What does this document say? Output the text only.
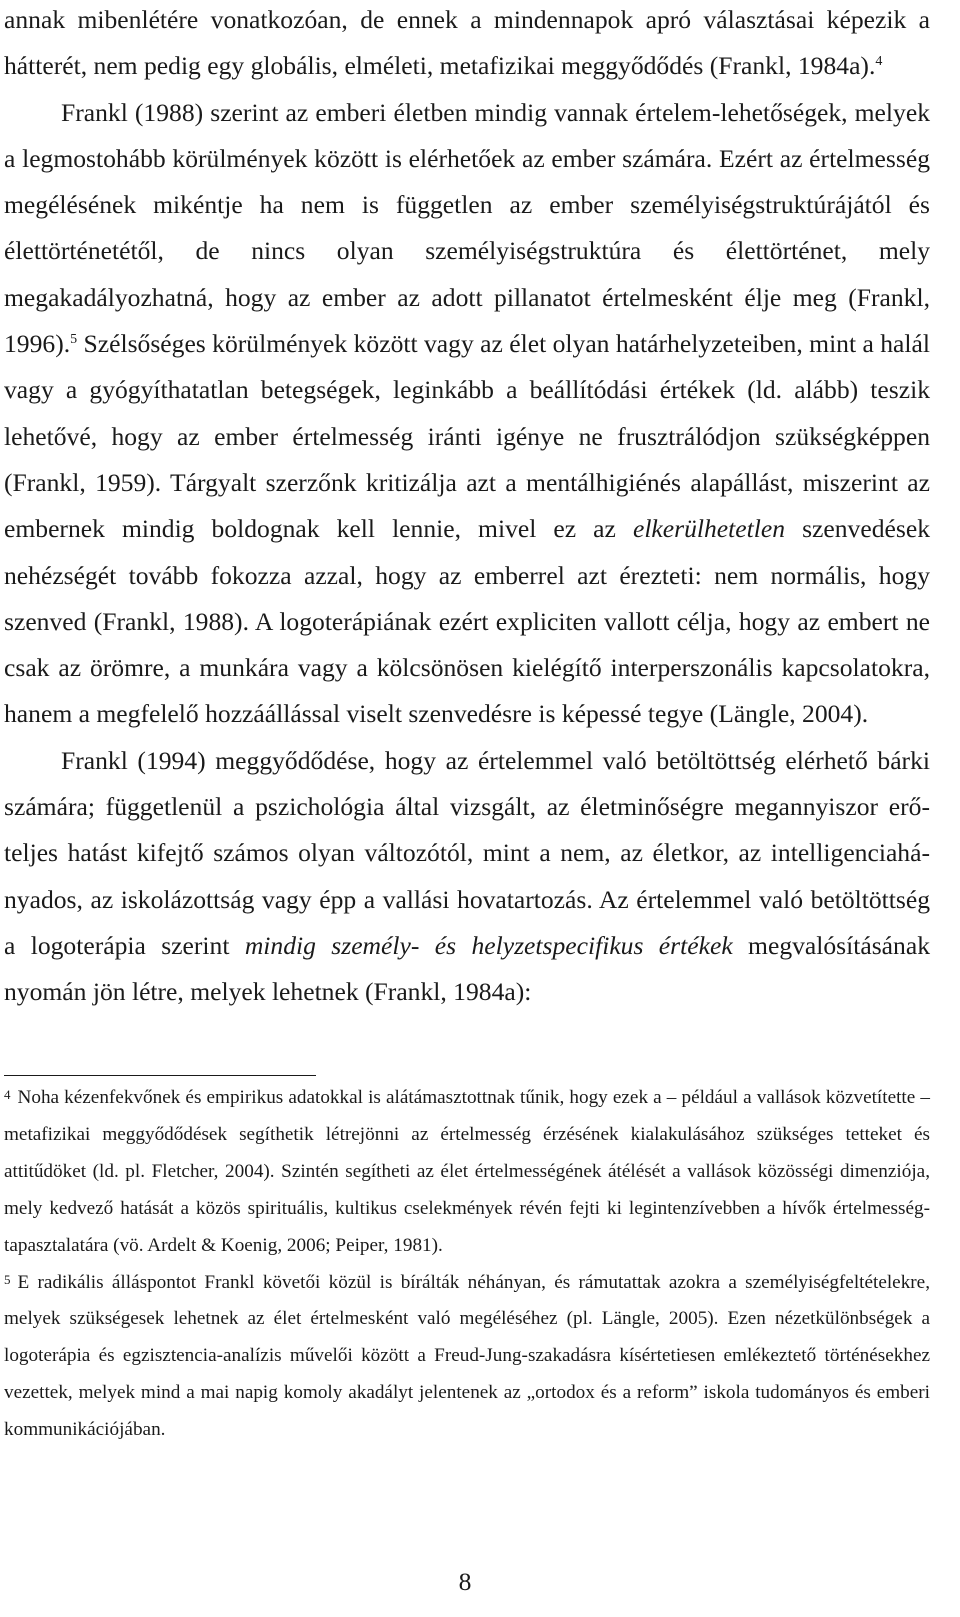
annak mibenlétére vonatkozóan, de ennek a mindennapok apró választásai képezik a hátterét, nem pedig egy globális, elméleti, metafizikai meggyődődés (Frankl, 1984a).$^4$

Frankl (1988) szerint az emberi életben mindig vannak értelem-lehetőségek, melyek a legmostohább körülmények között is elérhetőek az ember számára. Ezért az értelmesség megélésének mikéntje ha nem is független az ember személyiségstruktúrájától és élettörténetétől, de nincs olyan személyiségstruktúra és élettörténet, mely megakadályozhatná, hogy az ember az adott pillanatot értelmesként élje meg (Frankl, 1996).$^5$ Szélsőséges körülmények között vagy az élet olyan határhelyzeteiben, mint a halál vagy a gyógyíthatatlan betegségek, leginkább a beállítódási értékek (ld. alább) teszik lehetővé, hogy az ember értelmesség iránti igénye ne frusztrálódjon szükségképpen (Frankl, 1959). Tárgyalt szerzőnk kritizálja azt a mentálhigiénés alapállást, miszerint az embernek mindig boldognak kell lennie, mivel ez az elkerülhetetlen szenvedések nehézségét tovább fokozza azzal, hogy az emberrel azt érezteti: nem normális, hogy szenved (Frankl, 1988). A logoterápiának ezért expliciten vallott célja, hogy az embert ne csak az örömre, a munkára vagy a kölcsönösen kielégítő interperszonális kapcsolatokra, hanem a megfelelő hozzáállással viselt szenvedésre is képessé tegye (Längle, 2004).

Frankl (1994) meggyődődése, hogy az értelemmel való betöltöttség elérhető bárki számára; függetlenül a pszichológia által vizsgált, az életminőségre megannyiszor erőteljes hatást kifejtő számos olyan változótól, mint a nem, az életkor, az intelligenciahányados, az iskolázottság vagy épp a vallási hovatartozás. Az értelemmel való betöltöttség a logoterápia szerint mindig személy- és helyzetspecifikus értékek megvalósításának nyomán jön létre, melyek lehetnek (Frankl, 1984a):

$^4$ Noha kézenfekvőnek és empirikus adatokkal is alátámasztottnak tűnik, hogy ezek a – például a vallások közvetítette – metafizikai meggyődődések segíthetik létrejönni az értelmesség érzésének kialakulásához szükséges tetteket és attitűdöket (ld. pl. Fletcher, 2004). Szintén segítheti az élet értelmességének átélését a vallások közösségi dimenziója, mely kedvező hatását a közös spirituális, kultikus cselekmények révén fejti ki legintenzívebben a hívők értelmesség-tapasztalatára (vö. Ardelt & Koenig, 2006; Peiper, 1981).

$^5$ E radikális álláspontot Frankl követői közül is bírálták néhányan, és rámutattak azokra a személyiségfeltételekre, melyek szükségesek lehetnek az élet értelmesként való megéléséhez (pl. Längle, 2005). Ezen nézetkülönbségek a logoterápia és egzisztencia-analízis művelői között a Freud-Jung-szakadásra kísértetiesen emlékeztető történésekhez vezettek, melyek mind a mai napig komoly akadályt jelentenek az „ortodox és a reform” iskola tudományos és emberi kommunikációjában.

8
